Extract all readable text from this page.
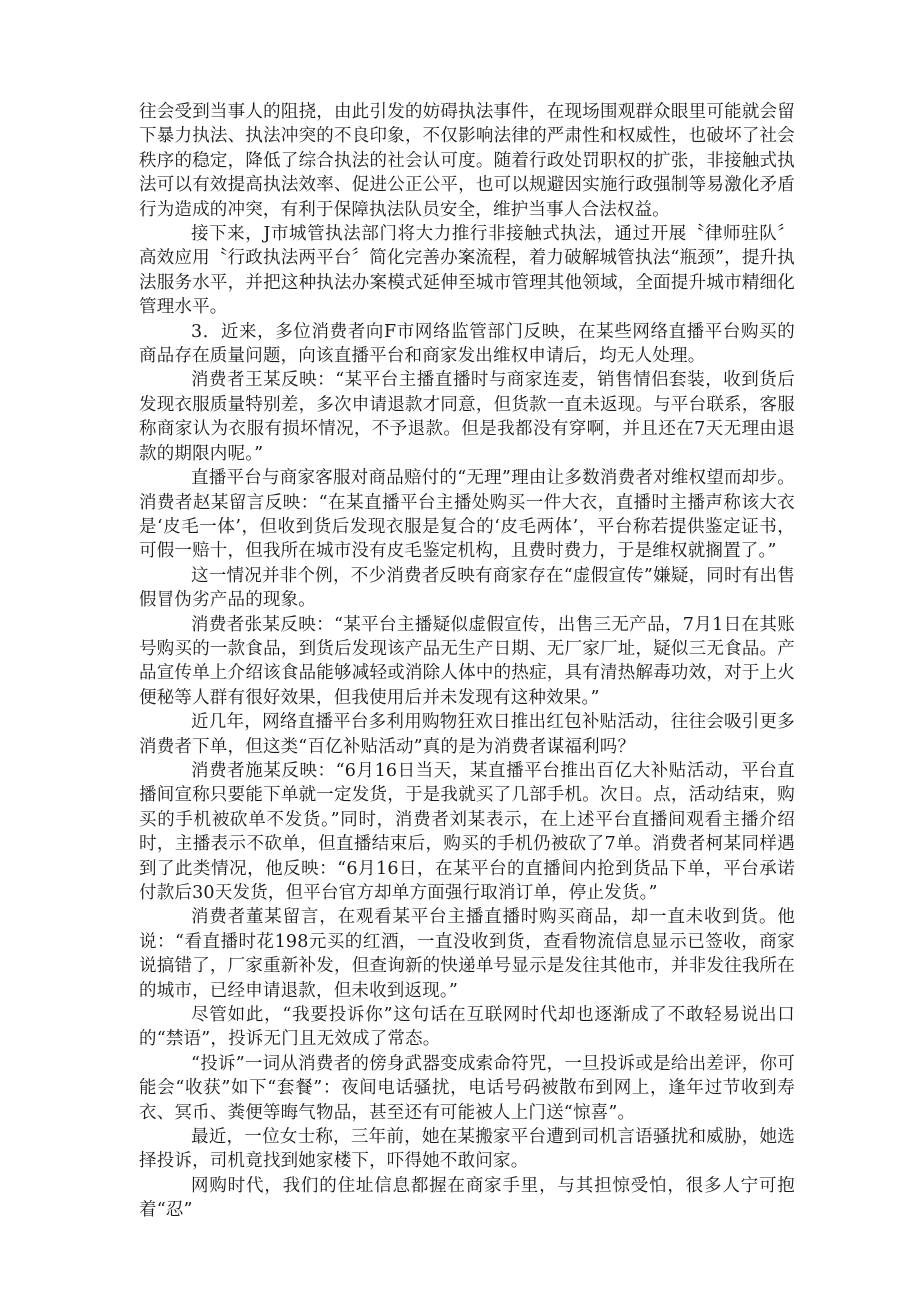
往会受到当事人的阻挠，由此引发的妨碍执法事件，在现场围观群众眼里可能就会留下暴力执法、执法冲突的不良印象，不仅影响法律的严肃性和权威性，也破坏了社会秩序的稳定，降低了综合执法的社会认可度。随着行政处罚职权的扩张，非接触式执法可以有效提高执法效率、促进公正公平，也可以规避因实施行政强制等易激化矛盾行为造成的冲突，有利于保障执法队员安全，维护当事人合法权益。

接下来，J市城管执法部门将大力推行非接触式执法，通过开展〝律师驻队〞高效应用〝行政执法两平台〞简化完善办案流程，着力破解城管执法“瓶颈”，提升执法服务水平，并把这种执法办案模式延伸至城市管理其他领域，全面提升城市精细化管理水平。

3．近来，多位消费者向F市网络监管部门反映，在某些网络直播平台购买的商品存在质量问题，向该直播平台和商家发出维权申请后，均无人处理。

消费者王某反映：“某平台主播直播时与商家连麦，销售情侣套装，收到货后发现衣服质量特别差，多次申请退款才同意，但货款一直未返现。与平台联系，客服称商家认为衣服有损坏情况，不予退款。但是我都没有穿啊，并且还在7天无理由退款的期限内呢。”

直播平台与商家客服对商品赔付的“无理”理由让多数消费者对维权望而却步。消费者赵某留言反映：“在某直播平台主播处购买一件大衣，直播时主播声称该大衣是‘皮毛一体’，但收到货后发现衣服是复合的‘皮毛两体’，平台称若提供鉴定证书，可假一赔十，但我所在城市没有皮毛鉴定机构，且费时费力，于是维权就搁置了。”

这一情况并非个例，不少消费者反映有商家存在“虚假宣传”嫌疑，同时有出售假冒伪劣产品的现象。

消费者张某反映：“某平台主播疑似虚假宣传，出售三无产品，7月1日在其账号购买的一款食品，到货后发现该产品无生产日期、无厂家厂址，疑似三无食品。产品宣传单上介绍该食品能够减轻或消除人体中的热症，具有清热解毒功效，对于上火便秘等人群有很好效果，但我使用后并未发现有这种效果。”

近几年，网络直播平台多利用购物狂欢日推出红包补贴活动，往往会吸引更多消费者下单，但这类“百亿补贴活动”真的是为消费者谋福利吗？

消费者施某反映：“6月16日当天，某直播平台推出百亿大补贴活动，平台直播间宣称只要能下单就一定发货，于是我就买了几部手机。次日。点，活动结束，购买的手机被砍单不发货。”同时，消费者刘某表示，在上述平台直播间观看主播介绍时，主播表示不砍单，但直播结束后，购买的手机仍被砍了7单。消费者柯某同样遇到了此类情况，他反映：“6月16日，在某平台的直播间内抢到货品下单，平台承诺付款后30天发货，但平台官方却单方面强行取消订单，停止发货。”

消费者董某留言，在观看某平台主播直播时购买商品，却一直未收到货。他说：“看直播时花198元买的红酒，一直没收到货，查看物流信息显示已签收，商家说搞错了，厂家重新补发，但查询新的快递单号显示是发往其他市，并非发往我所在的城市，已经申请退款，但未收到返现。”

尽管如此，“我要投诉你”这句话在互联网时代却也逐渐成了不敢轻易说出口的“禁语”，投诉无门且无效成了常态。

“投诉”一词从消费者的傍身武器变成索命符咒，一旦投诉或是给出差评，你可能会“收获”如下“套餐”：夜间电话骚扰，电话号码被散布到网上，逢年过节收到寿衣、冥币、粪便等晦气物品，甚至还有可能被人上门送“惊喜”。

最近，一位女士称，三年前，她在某搬家平台遭到司机言语骚扰和威胁，她选择投诉，司机竟找到她家楼下，吓得她不敢问家。

网购时代，我们的住址信息都握在商家手里，与其担惊受怕，很多人宁可抱着“忍”
